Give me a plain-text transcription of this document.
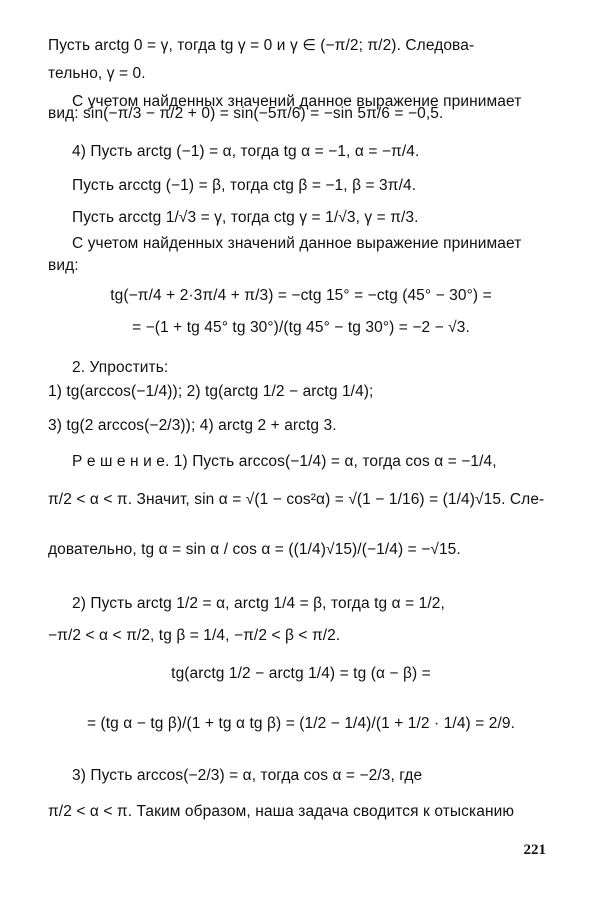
Пусть arctg 0 = γ, тогда tg γ = 0 и γ ∈ (−π/2; π/2). Следова-
тельно, γ = 0.
С учетом найденных значений данное выражение принимает
вид: sin(−π/3 − π/2 + 0) = sin(−5π/6) = −sin 5π/6 = −0,5.
4) Пусть arctg (−1) = α, тогда tg α = −1, α = −π/4.
Пусть arcctg (−1) = β, тогда ctg β = −1, β = 3π/4.
Пусть arcctg 1/√3 = γ, тогда ctg γ = 1/√3, γ = π/3.
С учетом найденных значений данное выражение принимает
вид:
tg(−π/4 + 2·3π/4 + π/3) = −ctg 15° = −ctg (45° − 30°) =
= −(1 + tg 45° tg 30°)/(tg 45° − tg 30°) = −2 − √3.
2. Упростить:
1) tg(arccos(−1/4)); 2) tg(arctg 1/2 − arctg 1/4);
3) tg(2 arccos(−2/3)); 4) arctg 2 + arctg 3.
Р е ш е н и е. 1) Пусть arccos(−1/4) = α, тогда cos α = −1/4,
π/2 < α < π. Значит, sin α = √(1 − cos²α) = √(1 − 1/16) = (1/4)√15. Сле-
довательно, tg α = sin α / cos α = ((1/4)√15)/(−1/4) = −√15.
2) Пусть arctg 1/2 = α, arctg 1/4 = β, тогда tg α = 1/2,
−π/2 < α < π/2, tg β = 1/4, −π/2 < β < π/2.
tg(arctg 1/2 − arctg 1/4) = tg (α − β) =
= (tg α − tg β)/(1 + tg α tg β) = (1/2 − 1/4)/(1 + 1/2 · 1/4) = 2/9.
3) Пусть arccos(−2/3) = α, тогда cos α = −2/3, где
π/2 < α < π. Таким образом, наша задача сводится к отысканию
221
